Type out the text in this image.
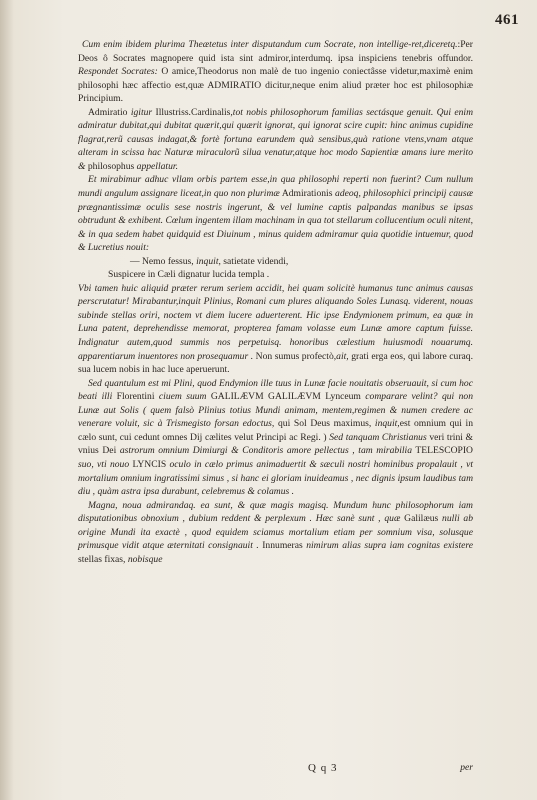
461

Cum enim ibidem plurima Theætetus inter disputandum cum Socrate, non intellige-ret,diceretq.:Per Deos ô Socrates magnopere quid ista sint admiror,interdumq. ipsa inspiciens tenebris offundor. Respondet Socrates: O amice,Theodorus non malè de tuo ingenio coniectâsse videtur,maximè enim philosophi hæc affectio est,quæ ADMIRATIO dicitur,neque enim aliud præter hoc est philosophiæ Principium.

Admiratio igitur Illustriss.Cardinalis,tot nobis philosophorum familias sectásque genuit. Qui enim admiratur dubitat,qui dubitat quærit,qui quærit ignorat, qui ignorat scire cupit: hinc animus cupidine flagrat,rerũ causas indagat,& fortè fortuna earundem quà sensibus,quà ratione vtens,vnam atque alteram in scissa hac Naturæ miraculorũ silua venatur,atque hoc modo Sapientiæ amans iure merito & philosophus appellatur.

Et mirabimur adhuc vllam orbis partem esse,in qua philosophi reperti non fuerint? Cum nullum mundi angulum assignare liceat,in quo non plurimæ Admirationis adeoq, philosophici principij causæ prægnantissimæ oculis sese nostris ingerunt, & vel lumine captis palpandas manibus se ipsas obtrudunt & exhibent. Cœlum ingentem illam machinam in qua tot stellarum collucentium oculi nitent, & in qua sedem habet quidquid est Diuinum , minus quidem admiramur quia quotidie intuemur, quod & Lucretius nouit:

— Nemo fessus, inquit, satietate videndi,

Suspicere in Cæli dignatur lucida templa .

Vbi tamen huic aliquid præter rerum seriem accidit, hei quam solicitè humanus tunc animus causas perscrutatur! Mirabantur,inquit Plinius, Romani cum plures aliquando Soles Lunasq. viderent, nouas subinde stellas oriri, noctem vt diem lucere aduerterent. Hic ipse Endymionem primum, ea quæ in Luna patent, deprehendisse memorat, propterea famam volasse eum Lunæ amore captum fuisse. Indignatur autem,quod summis nos perpetuisq. honoribus cælestium huiusmodi nouarumq. apparentiarum inuentores non prosequamur . Non sumus profectò,ait, grati erga eos, qui labore curaq. sua lucem nobis in hac luce aperuerunt.

Sed quantulum est mi Plini, quod Endymion ille tuus in Lunæ facie nouitatis obseruauit, si cum hoc beati illi Florentini ciuem suum GALILÆVM GALILÆVM Lynceum comparare velint? qui non Lunæ aut Solis ( quem falsò Plinius totius Mundi animam, mentem,regimen & numen credere ac venerare voluit, sic à Trismegisto forsan edoctus, qui Sol Deus maximus, inquit,est omnium qui in cælo sunt, cui cedunt omnes Dij cælites velut Principi ac Regi. ) Sed tanquam Christianus veri trini & vnius Dei astrorum omnium Dimiurgi & Conditoris amore pellectus , tam mirabilia TELESCOPIO suo, vti nouo LYNCIS oculo in cælo primus animaduertit & sæculi nostri hominibus propalauit , vt mortalium omnium ingratissimi simus , si hanc ei gloriam inuideamus , nec dignis ipsum laudibus tam diu , quàm astra ipsa durabunt, celebremus & colamus .

Magna, noua admirandaq. ea sunt, & quæ magis magisq. Mundum hunc philosophorum iam disputationibus obnoxium , dubium reddent & perplexum . Hæc sanè sunt , quæ Galilæus nulli ab origine Mundi ita exactè , quod equidem sciamus mortalium etiam per somnium visa, solusque primusque vidit atque æternitati consignauit . Innumeras nimirum alias supra iam cognitas existere stellas fixas, nobisque

Q q 3	per
